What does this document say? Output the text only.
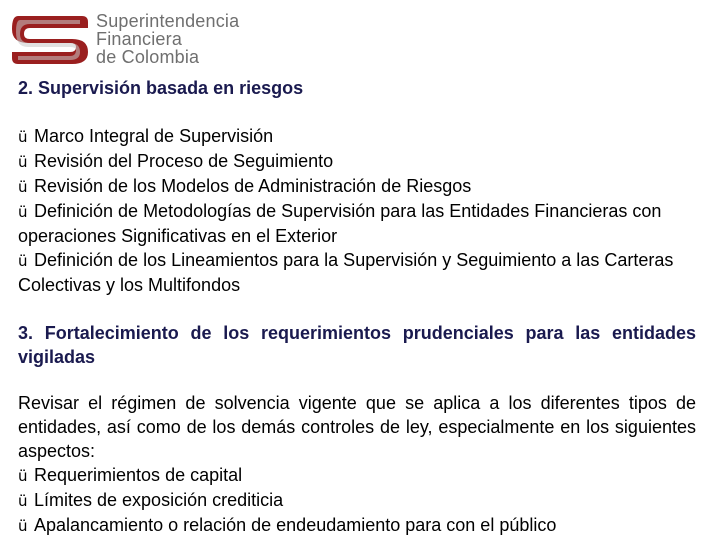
Superintendencia
Financiera
de Colombia

2. Supervisión basada en riesgos

ü Marco Integral de Supervisión
ü Revisión del Proceso de Seguimiento
ü Revisión de los Modelos de Administración de Riesgos
ü Definición de Metodologías de Supervisión para las Entidades Financieras con operaciones Significativas en el Exterior
ü Definición de los Lineamientos para la Supervisión y Seguimiento a las Carteras Colectivas y los Multifondos

3. Fortalecimiento de los requerimientos prudenciales para las entidades vigiladas

Revisar el régimen de solvencia vigente que se aplica a los diferentes tipos de entidades, así como de los demás controles de ley, especialmente en los siguientes aspectos:

ü Requerimientos de capital
ü Límites de exposición crediticia
ü Apalancamiento o relación de endeudamiento para con el público
